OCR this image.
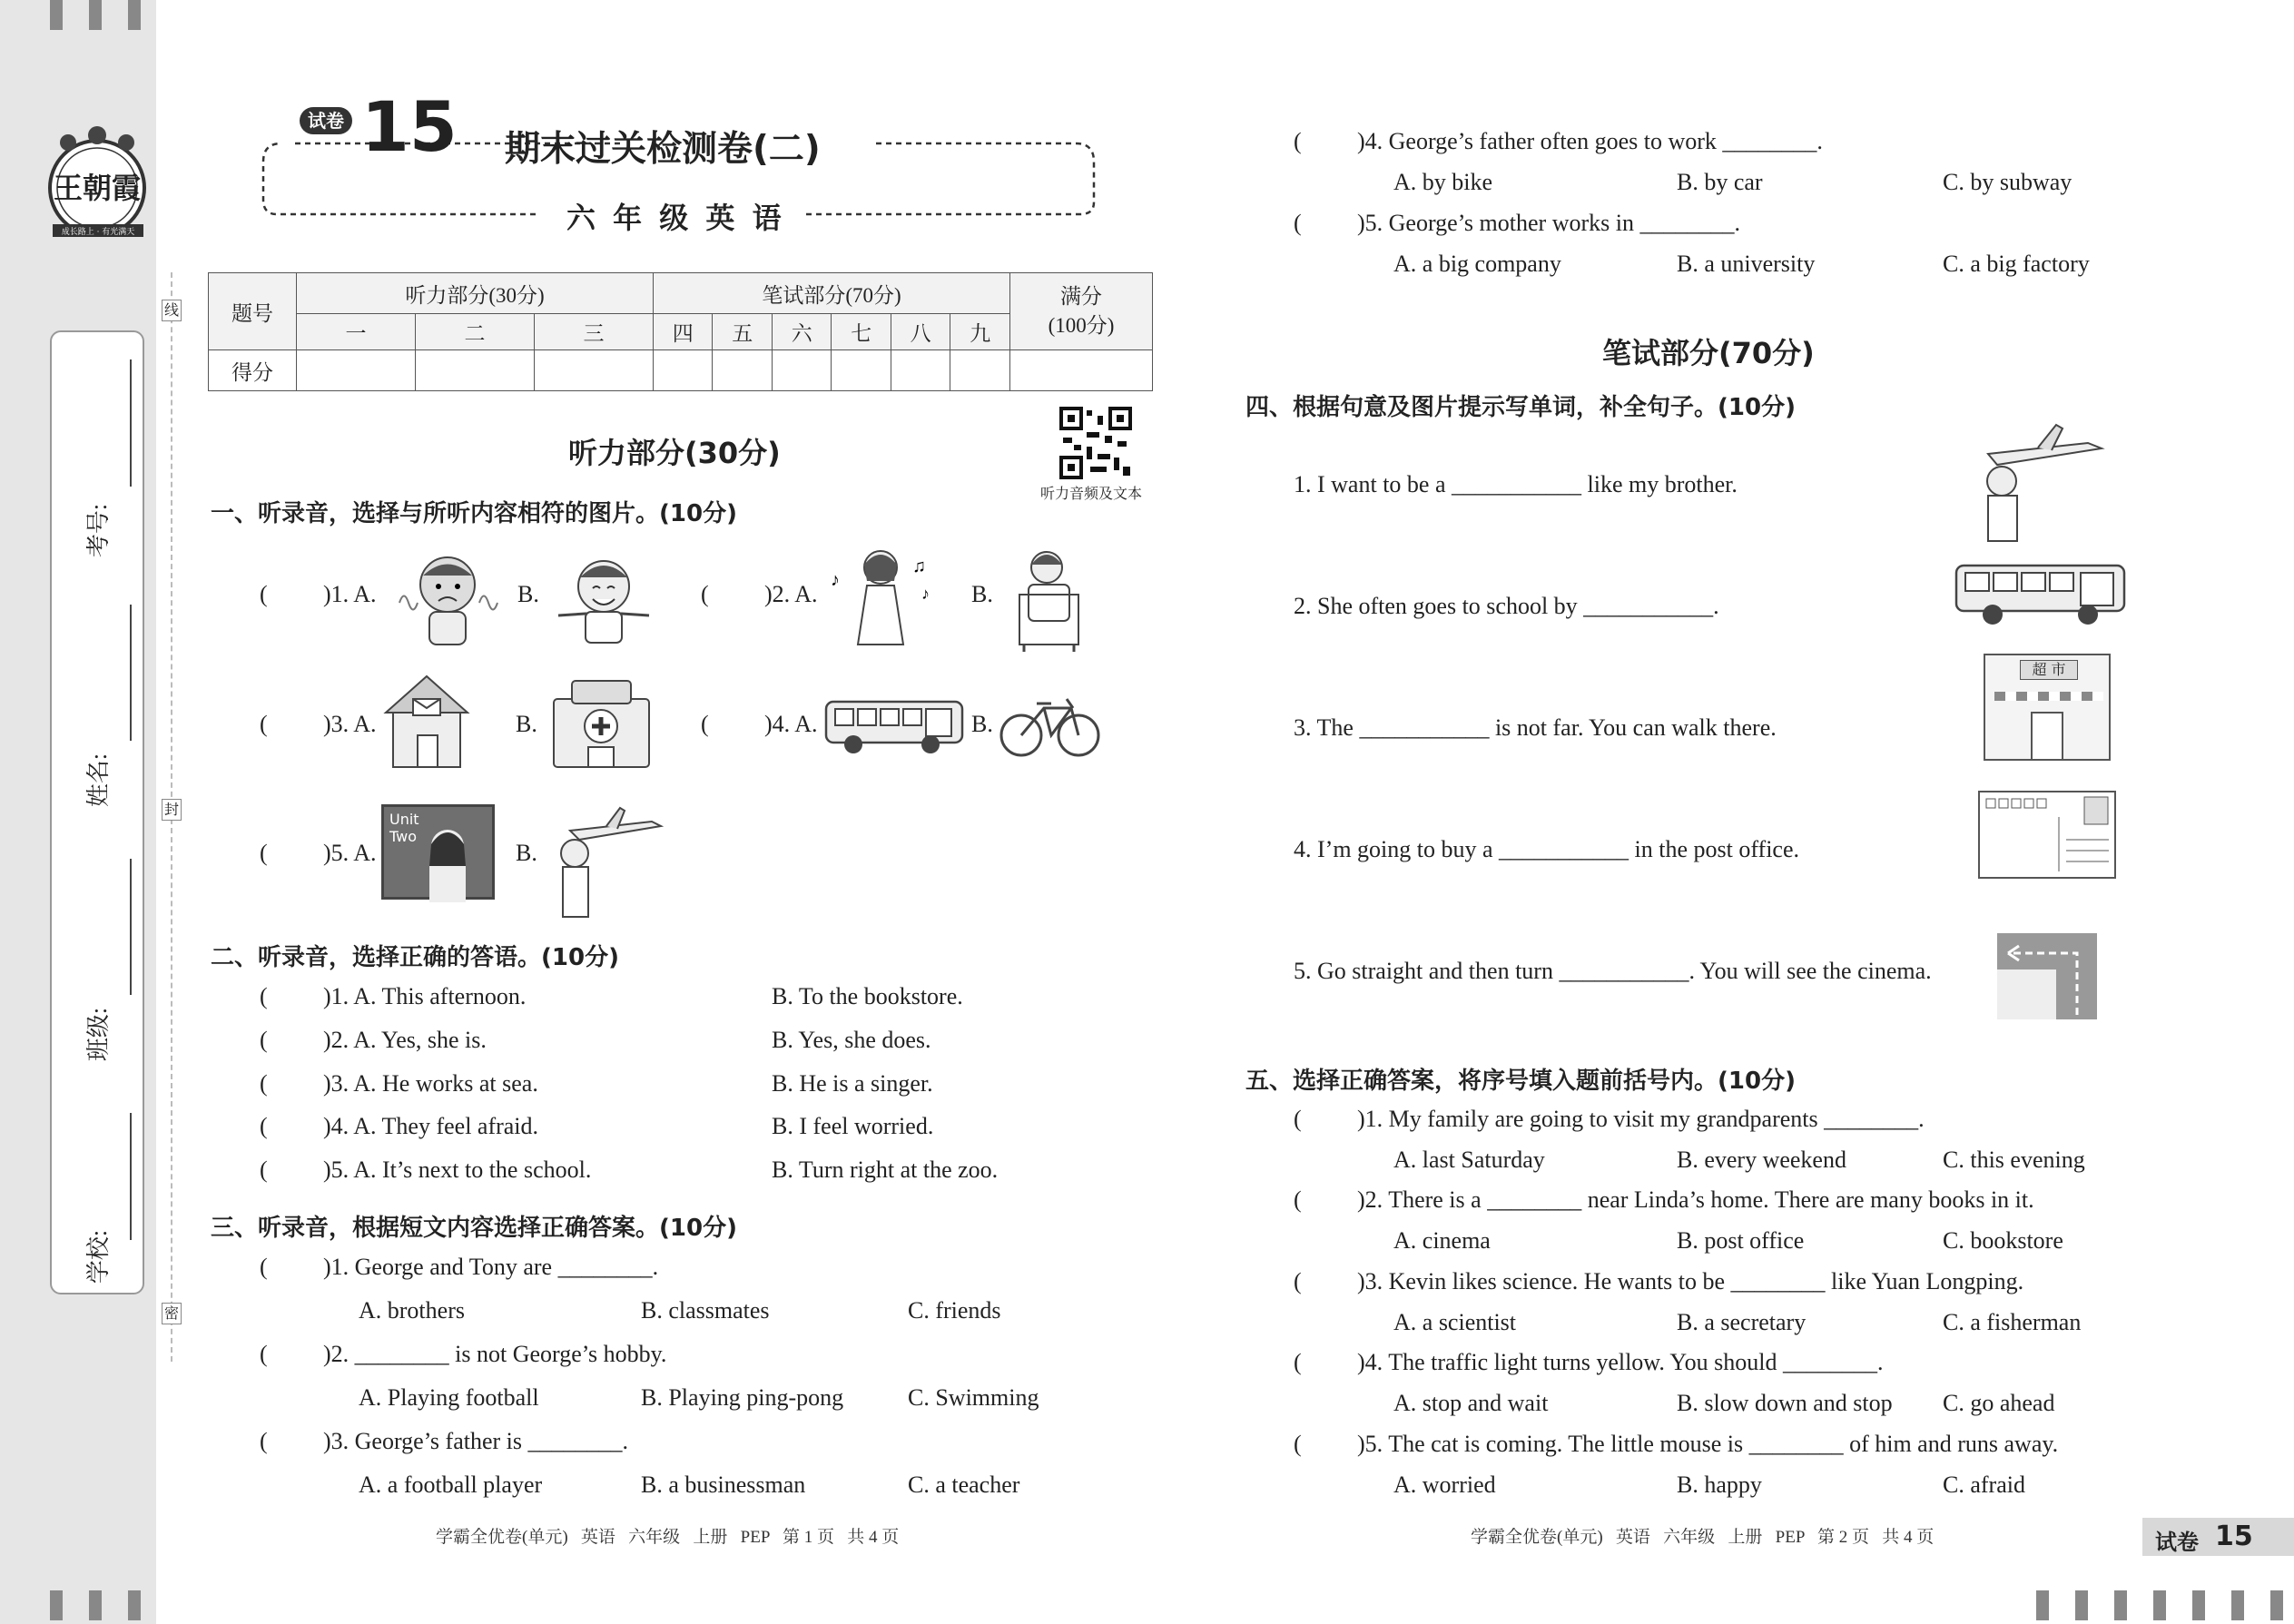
王朝霞
成长路上 · 有光满天
考号:
姓名:
班级:
学校:
线
封
密
试卷 15 期末过关检测卷(二)
六 年 级 英 语
题号	听力部分(30分)			笔试部分(70分)						满分
(100分)
	一	二	三	四	五	六	七	八	九	
得分										
听力音频及文本
听力部分(30分)
一、听录音，选择与所听内容相符的图片。(10分)
( )1. A.	B.	( )2. A.
♪
♫
♪ B.
( )3. A.	B.	( )4. A.	B.
( )5. A.
Unit
Two
B.
二、听录音，选择正确的答语。(10分)
( )1. A. This afternoon.	B. To the bookstore.
( )2. A. Yes, she is.	B. Yes, she does.
( )3. A. He works at sea.	B. He is a singer.
( )4. A. They feel afraid.	B. I feel worried.
( )5. A. It’s next to the school.	B. Turn right at the zoo.
三、听录音，根据短文内容选择正确答案。(10分)
( )1. George and Tony are ________.
A. brothers	B. classmates	C. friends
( )2. ________ is not George’s hobby.
A. Playing football	B. Playing ping-pong	C. Swimming
( )3. George’s father is ________.
A. a football player	B. a businessman	C. a teacher
( )4. George’s father often goes to work ________.
A. by bike	B. by car	C. by subway
( )5. George’s mother works in ________.
A. a big company	B. a university	C. a big factory
笔试部分(70分)
四、根据句意及图片提示写单词，补全句子。(10分)
1. I want to be a ___________ like my brother.
2. She often goes to school by ___________.
3. The ___________ is not far. You can walk there.
超 市
4. I’m going to buy a ___________ in the post office.
5. Go straight and then turn ___________. You will see the cinema.
五、选择正确答案，将序号填入题前括号内。(10分)
( )1. My family are going to visit my grandparents ________.
A. last Saturday	B. every weekend	C. this evening
( )2. There is a ________ near Linda’s home. There are many books in it.
A. cinema	B. post office	C. bookstore
( )3. Kevin likes science. He wants to be ________ like Yuan Longping.
A. a scientist	B. a secretary	C. a fisherman
( )4. The traffic light turns yellow. You should ________.
A. stop and wait	B. slow down and stop C. go ahead
( )5. The cat is coming. The little mouse is ________ of him and runs away.
A. worried	B. happy	C. afraid
学霸全优卷(单元)   英语   六年级   上册   PEP   第 1 页   共 4 页	学霸全优卷(单元)   英语   六年级   上册   PEP   第 2 页   共 4 页	试卷 15
